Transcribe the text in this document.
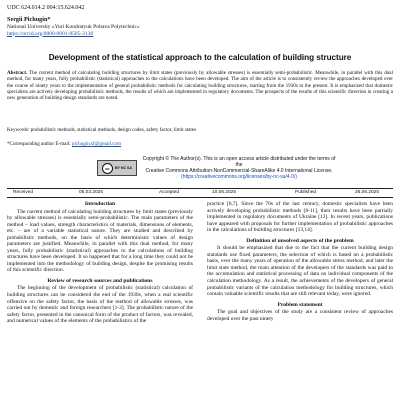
UDC 624.014.2 004:15.624.042
Sergii Pichugin*
National University «Yuri Kondratyuk Poltava Polytechnic»
https://orcid.org/0000-0001-8505-2130
Development of the statistical approach to the calculation of building structure
Abstract. The current method of calculating building structures by limit states (previously by allowable stresses) is essentially semi-probabilistic. Meanwhile, in parallel with this dual method, for many years, fully probabilistic (statistical) approaches to the calculations have been developed. The aim of the article is to consistently review the approaches developed over the course of ninety years to the implementation of general probabilistic methods for calculating building structures, starting from the 1930s to the present. It is emphasized that domestic specialists are actively developing probabilistic methods, the results of which are implemented in regulatory documents. The prospects of the results of this scientific direction in creating a new generation of building design standards are noted.
Keywords: probabilistic methods, statistical methods, design codes, safety factor, limit states
*Corresponding author E-mail: pichugin.sf@gmail.com
cc	BY NC SA
Copyright © The Author(s). This is an open access article distributed under the terms of the
Creative Commons Attribution-NonCommercial-ShareAlike 4.0 International License.
(https://creativecommons.org/licenses/by-nc-sa/4.0/)
Received	05.03.2025	Accepted	10.06.2025	Published	26.06.2025
Introduction

The current method of calculating building structures by limit states (previously by allowable stresses) is essentially semi-probabilistic. The main parameters of the method – load values, strength characteristics of materials, dimensions of elements, etc. – are of a variable statistical nature. They are studied and described by probabilistic methods, on the basis of which deterministic values of design parameters are justified. Meanwhile, in parallel with this dual method, for many years, fully probabilistic (statistical) approaches to the calculations of building structures have been developed. It so happened that for a long time they could not be implemented into the methodology of building design, despite the promising results of this scientific direction.

Review of research sources and publications

The beginning of the development of probabilistic (statistical) calculation of building structures can be considered the end of the 1930s, when a real scientific offensive on the safety factor, the basis of the method of allowable stresses, was carried out by domestic and foreign researchers [1-3]. The probabilistic nature of the safety factor, presented in the canonical form of the product of factors, was revealed, and numerical values of the elements of the probabilistics of the

practice [6,7]. Since the 70s of the last century, domestic specialists have been actively developing probabilistic methods [8-11], their results have been partially implemented in regulatory documents of Ukraine [12]. In recent years, publications have appeared with proposals for further implementation of probabilistic approaches in the calculations of building structures [13,14].

Definition of unsolved aspects of the problem

It should be emphasized that due to the fact that the current building design standards use fixed parameters, the selection of which is based on a probabilistic basis, over the many years of operation of the allowable stress method, and later the limit state method, the main attention of the developers of the standards was paid to the accumulation and statistical processing of data on individual components of the calculation methodology. As a result, the achievements of the developers of general probabilistic variants of the calculation methodology for building structures, which contain valuable scientific results that are still relevant today, were ignored.

Problem statement

The goal and objectives of the study are a consistent review of approaches developed over the past ninety
